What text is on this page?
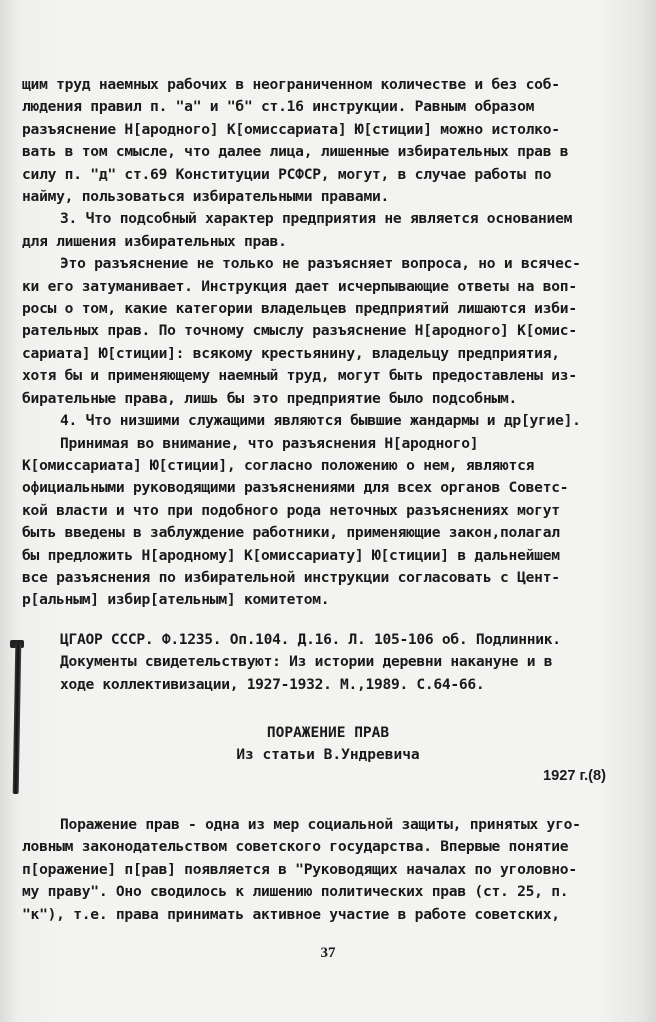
щим труд наемных рабочих в неограниченном количестве и без соб-

людения правил п. "а" и "б" ст.16 инструкции. Равным образом

разъяснение Н[ародного] К[омиссариата] Ю[стиции] можно истолко-

вать в том смысле, что далее лица, лишенные избирательных прав в

силу п. "д" ст.69 Конституции РСФСР, могут, в случае работы по

найму, пользоваться избирательными правами.

3. Что подсобный характер предприятия не является основанием

для лишения избирательных прав.

Это разъяснение не только не разъясняет вопроса, но и всячес-

ки его затуманивает. Инструкция дает исчерпывающие ответы на воп-

росы о том, какие категории владельцев предприятий лишаются изби-

рательных прав. По точному смыслу разъяснение Н[ародного] К[омис-

сариата] Ю[стиции]: всякому крестьянину, владельцу предприятия,

хотя бы и применяющему наемный труд, могут быть предоставлены из-

бирательные права, лишь бы это предприятие было подсобным.

4. Что низшими служащими являются бывшие жандармы и др[угие].

Принимая во внимание, что разъяснения Н[ародного]

К[омиссариата] Ю[стиции], согласно положению о нем, являются

официальными руководящими разъяснениями для всех органов Советс-

кой власти и что при подобного рода неточных разъяснениях могут

быть введены в заблуждение работники, применяющие закон,полагал

бы предложить Н[ародному] К[омиссариату] Ю[стиции] в дальнейшем

все разъяснения по избирательной инструкции согласовать с Цент-

р[альным] избир[ательным] комитетом.

ЦГАОР СССР. Ф.1235. Оп.104. Д.16. Л. 105-106 об. Подлинник.

Документы свидетельствуют: Из истории деревни накануне и в

ходе коллективизации, 1927-1932. М.,1989. С.64-66.

ПОРАЖЕНИЕ ПРАВ
Из статьи В.Ундревича
1927 г.(8)

Поражение прав - одна из мер социальной защиты, принятых уго-

ловным законодательством советского государства. Впервые понятие

п[оражение] п[рав] появляется в "Руководящих началах по уголовно-

му праву". Оно сводилось к лишению политических прав (ст. 25, п.

"к"), т.е. права принимать активное участие в работе советских,

37
